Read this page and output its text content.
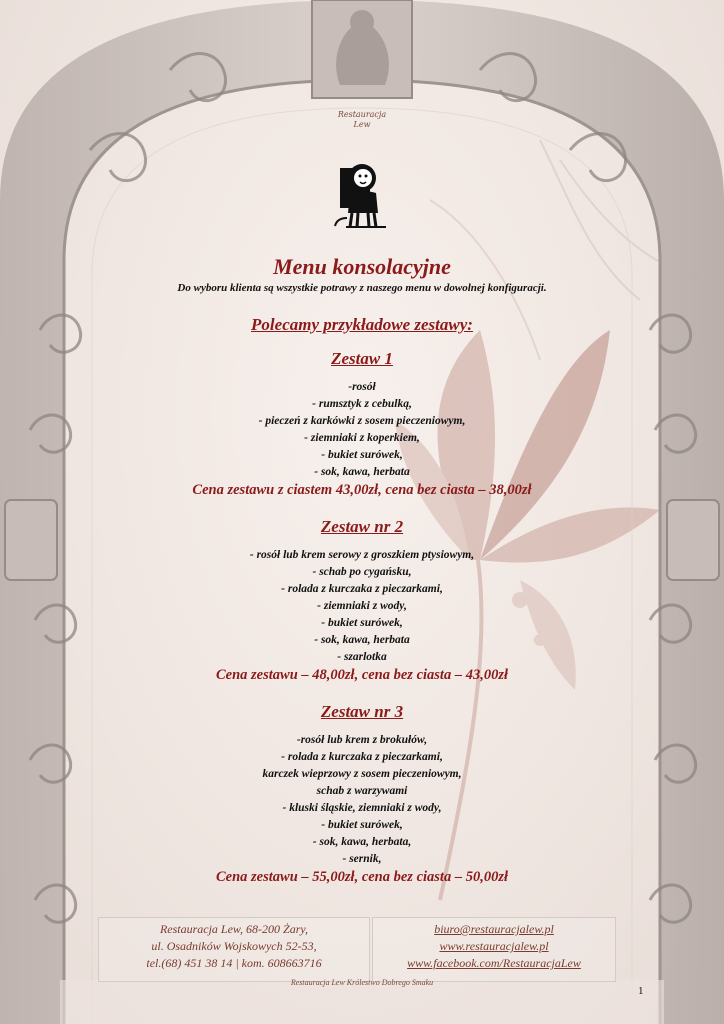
Restauracja
Lew
Menu konsolacyjne
Do wyboru klienta są wszystkie potrawy z naszego menu w dowolnej konfiguracji.
Polecamy przykładowe zestawy:
Zestaw 1
-rosół
- rumsztyk z cebulką,
- pieczeń z karkówki z sosem pieczeniowym,
- ziemniaki z koperkiem,
- bukiet surówek,
- sok, kawa, herbata
Cena zestawu z ciastem 43,00zł, cena bez ciasta – 38,00zł
Zestaw nr 2
- rosół lub krem serowy z groszkiem ptysiowym,
- schab po cygańsku,
- rolada z kurczaka z pieczarkami,
- ziemniaki z wody,
- bukiet surówek,
- sok, kawa, herbata
- szarlotka
Cena zestawu – 48,00zł, cena bez ciasta – 43,00zł
Zestaw nr 3
-rosół lub krem z brokułów,
- rolada z kurczaka z pieczarkami,
karczek wieprzowy z sosem pieczeniowym,
schab z warzywami
- kluski śląskie, ziemniaki z wody,
- bukiet surówek,
- sok, kawa, herbata,
- sernik,
Cena zestawu – 55,00zł, cena bez ciasta – 50,00zł
Restauracja Lew, 68-200 Żary,
ul. Osadników Wojskowych 52-53,
tel.(68) 451 38 14 | kom. 608663716
biuro@restauracjalew.pl
www.restauracjalew.pl
www.facebook.com/RestauracjaLew
Restauracja Lew Królestwo Dobrego Smaku
1
